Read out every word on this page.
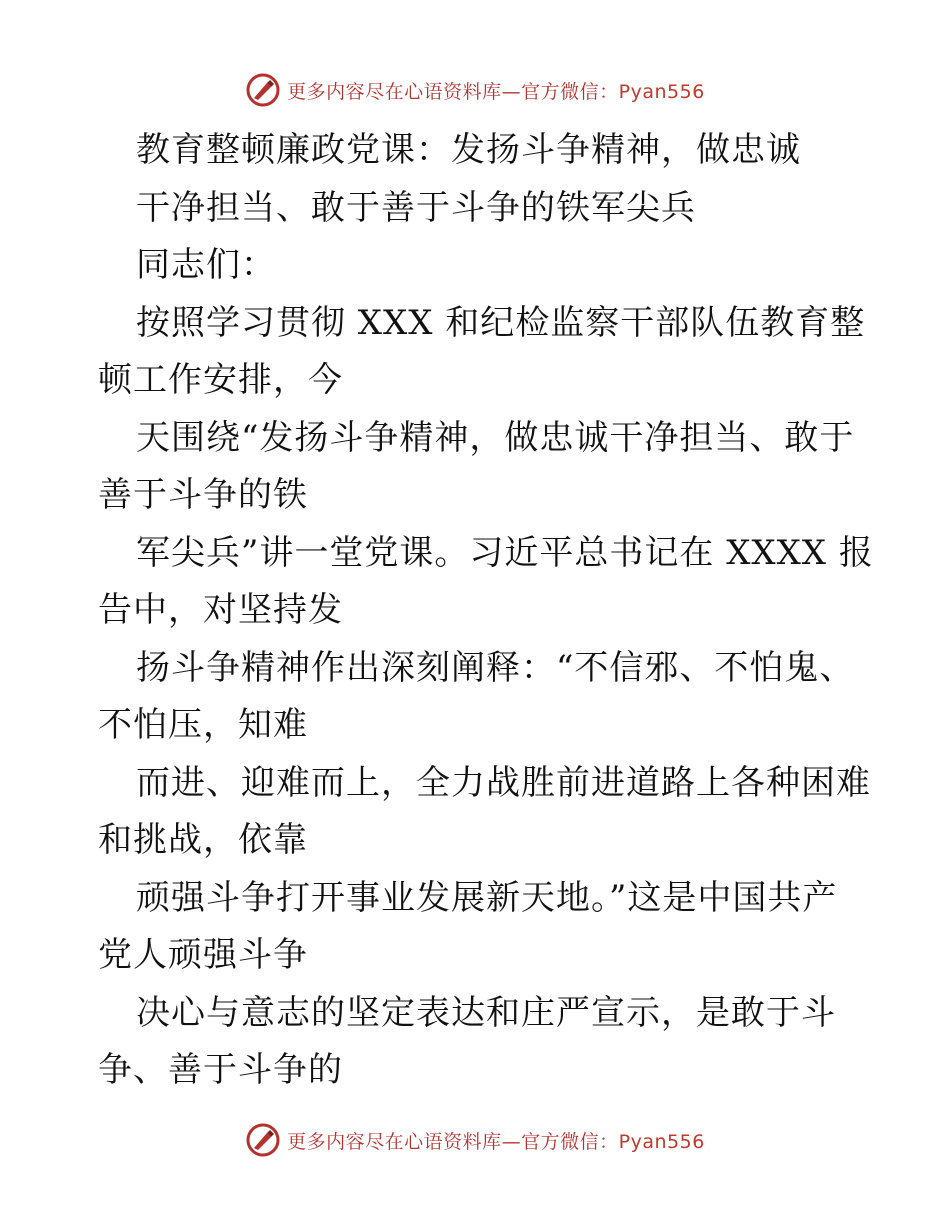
更多内容尽在心语资料库—官方微信：Pyan556
教育整顿廉政党课：发扬斗争精神，做忠诚
干净担当、敢于善于斗争的铁军尖兵
同志们：
按照学习贯彻 XXX 和纪检监察干部队伍教育整
顿工作安排，今
天围绕“发扬斗争精神，做忠诚干净担当、敢于
善于斗争的铁
军尖兵”讲一堂党课。习近平总书记在 XXXX 报
告中，对坚持发
扬斗争精神作出深刻阐释：“不信邪、不怕鬼、
不怕压，知难
而进、迎难而上，全力战胜前进道路上各种困难
和挑战，依靠
顽强斗争打开事业发展新天地。”这是中国共产
党人顽强斗争
决心与意志的坚定表达和庄严宣示，是敢于斗
争、善于斗争的
更多内容尽在心语资料库—官方微信：Pyan556
